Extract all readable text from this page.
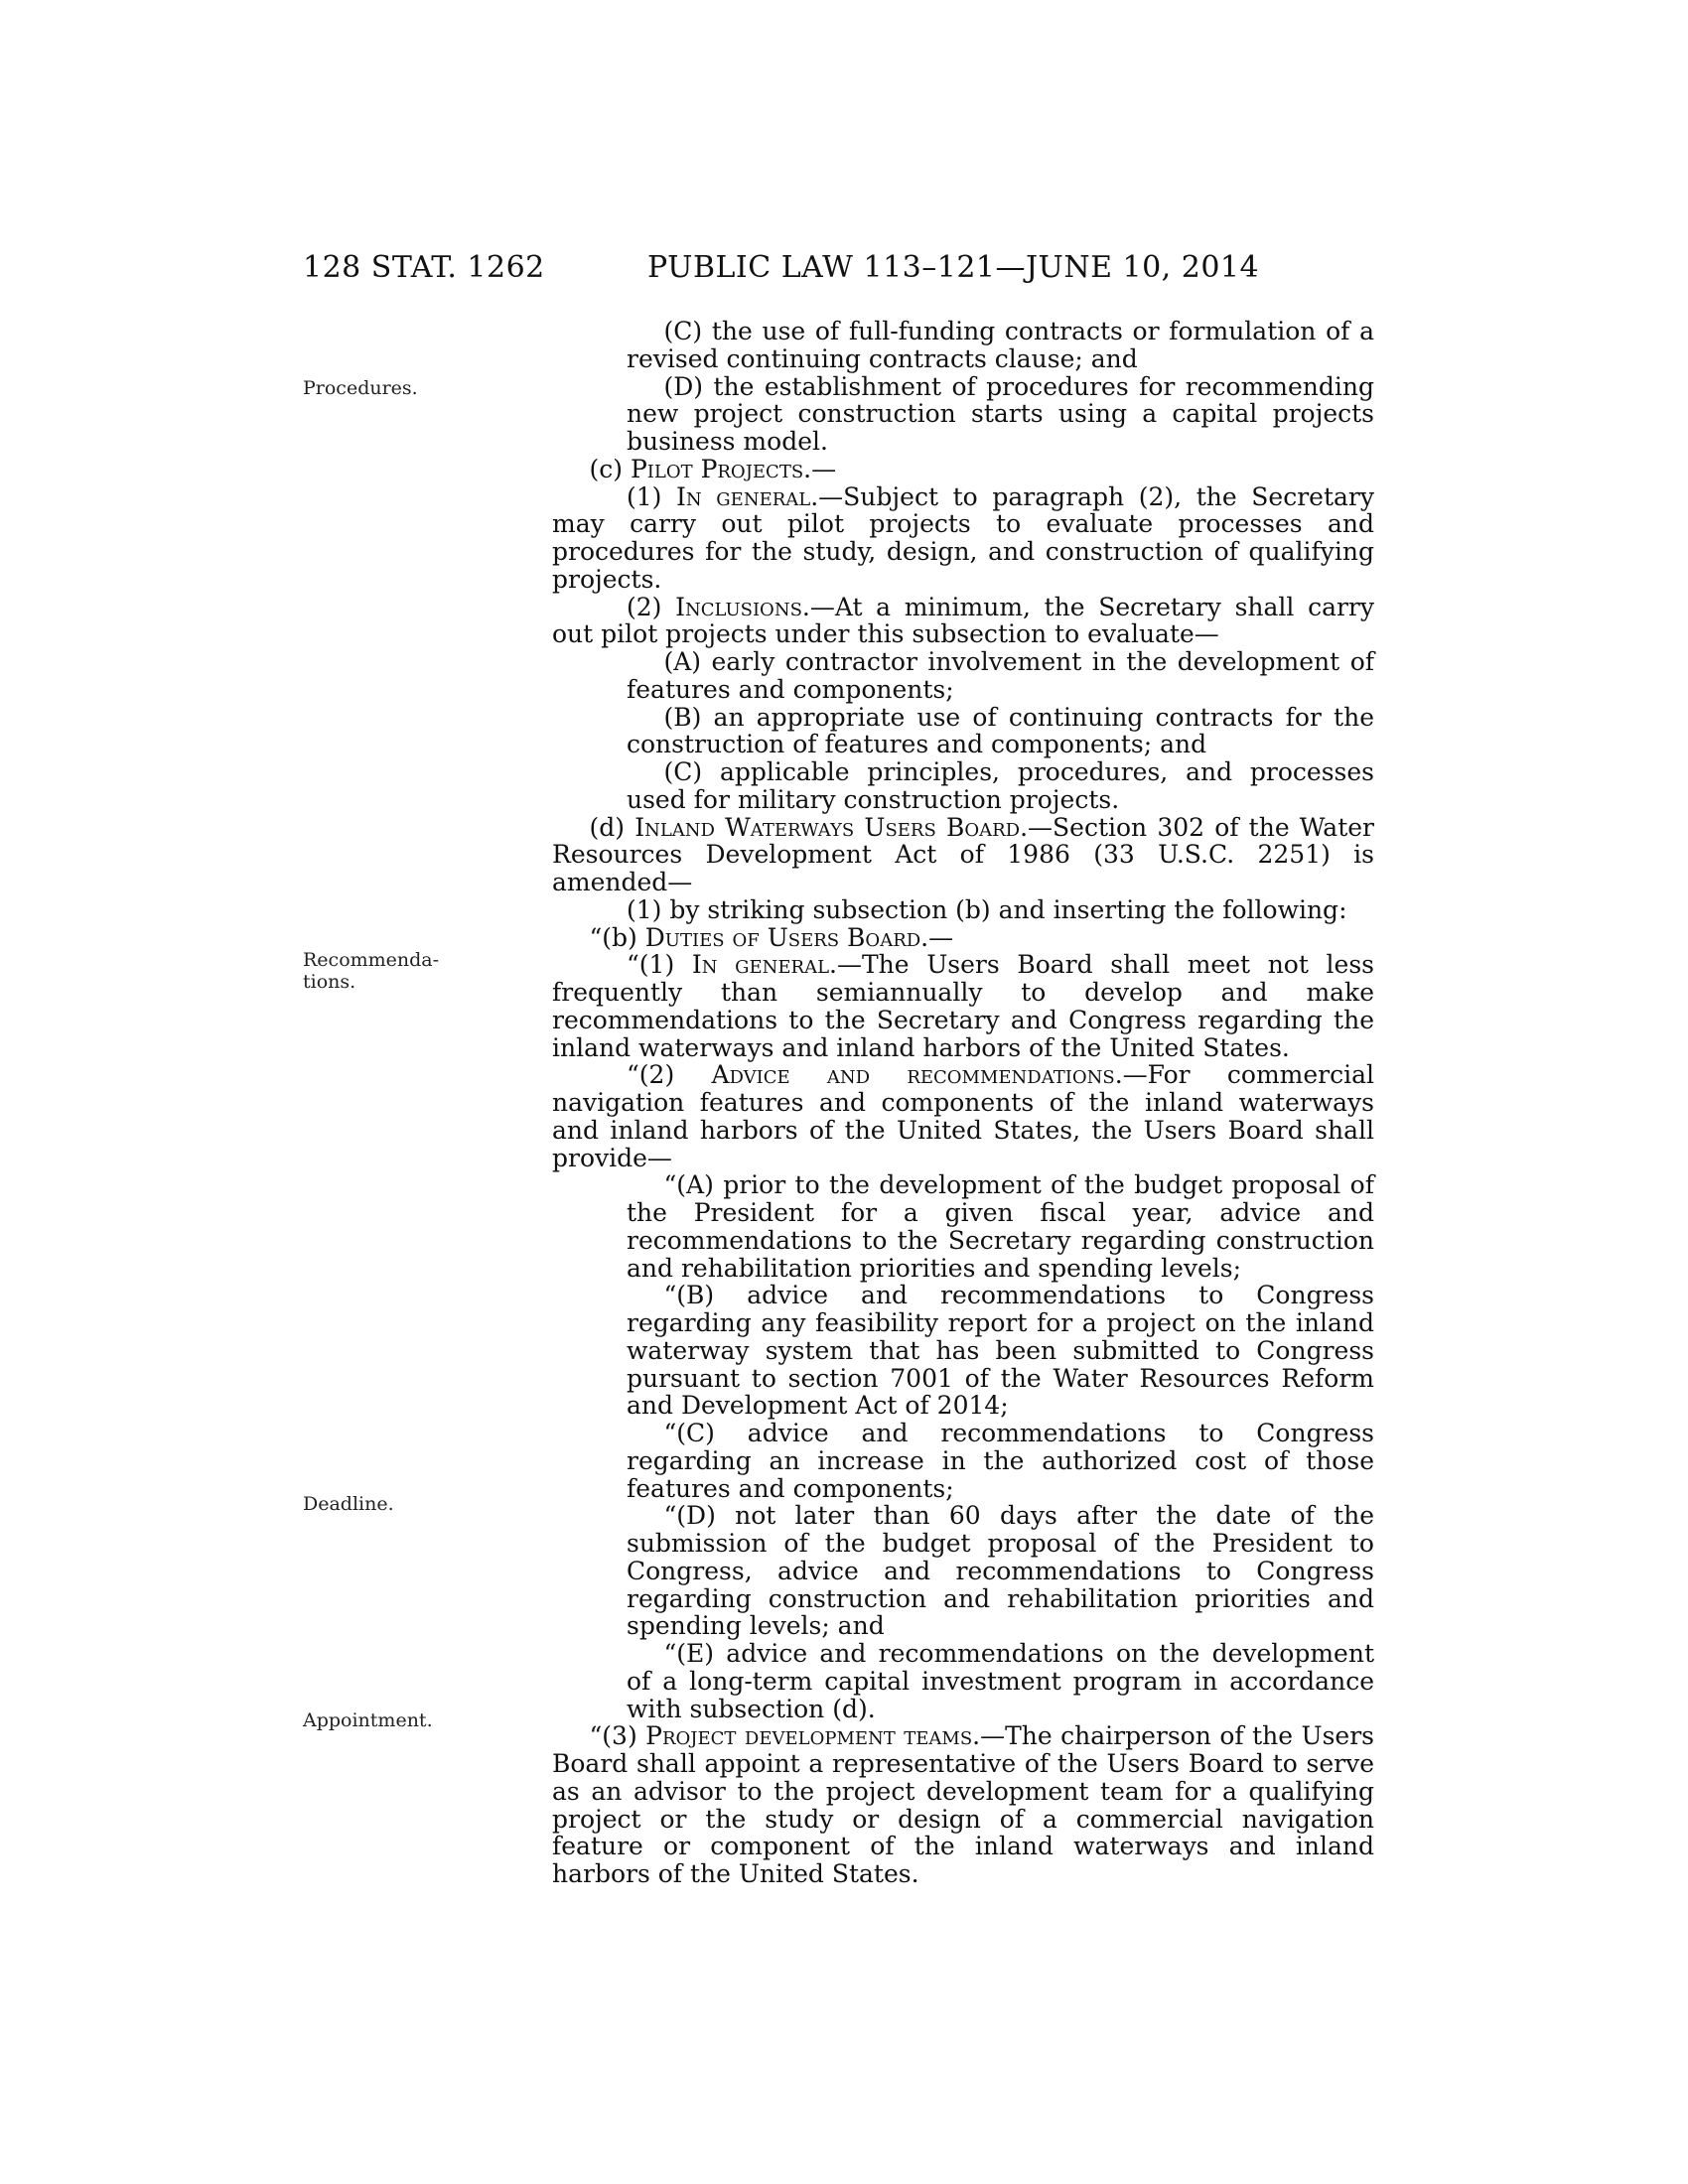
128 STAT. 1262	PUBLIC LAW 113–121—JUNE 10, 2014
Procedures.
Recommenda-
tions.
Deadline.
Appointment.

(C) the use of full-funding contracts or formulation of a revised continuing contracts clause; and

(D) the establishment of procedures for recommending new project construction starts using a capital projects business model.

(c) Pilot Projects.—

(1) In general.—Subject to paragraph (2), the Secretary may carry out pilot projects to evaluate processes and procedures for the study, design, and construction of qualifying projects.

(2) Inclusions.—At a minimum, the Secretary shall carry out pilot projects under this subsection to evaluate—

(A) early contractor involvement in the development of features and components;

(B) an appropriate use of continuing contracts for the construction of features and components; and

(C) applicable principles, procedures, and processes used for military construction projects.

(d) Inland Waterways Users Board.—Section 302 of the Water Resources Development Act of 1986 (33 U.S.C. 2251) is amended—

(1) by striking subsection (b) and inserting the following:

“(b) Duties of Users Board.—

“(1) In general.—The Users Board shall meet not less frequently than semiannually to develop and make recommendations to the Secretary and Congress regarding the inland waterways and inland harbors of the United States.

“(2) Advice and recommendations.—For commercial navigation features and components of the inland waterways and inland harbors of the United States, the Users Board shall provide—

“(A) prior to the development of the budget proposal of the President for a given fiscal year, advice and recommendations to the Secretary regarding construction and rehabilitation priorities and spending levels;

“(B) advice and recommendations to Congress regarding any feasibility report for a project on the inland waterway system that has been submitted to Congress pursuant to section 7001 of the Water Resources Reform and Development Act of 2014;

“(C) advice and recommendations to Congress regarding an increase in the authorized cost of those features and components;

“(D) not later than 60 days after the date of the submission of the budget proposal of the President to Congress, advice and recommendations to Congress regarding construction and rehabilitation priorities and spending levels; and

“(E) advice and recommendations on the development of a long-term capital investment program in accordance with subsection (d).

“(3) Project development teams.—The chairperson of the Users Board shall appoint a representative of the Users Board to serve as an advisor to the project development team for a qualifying project or the study or design of a commercial navigation feature or component of the inland waterways and inland harbors of the United States.
